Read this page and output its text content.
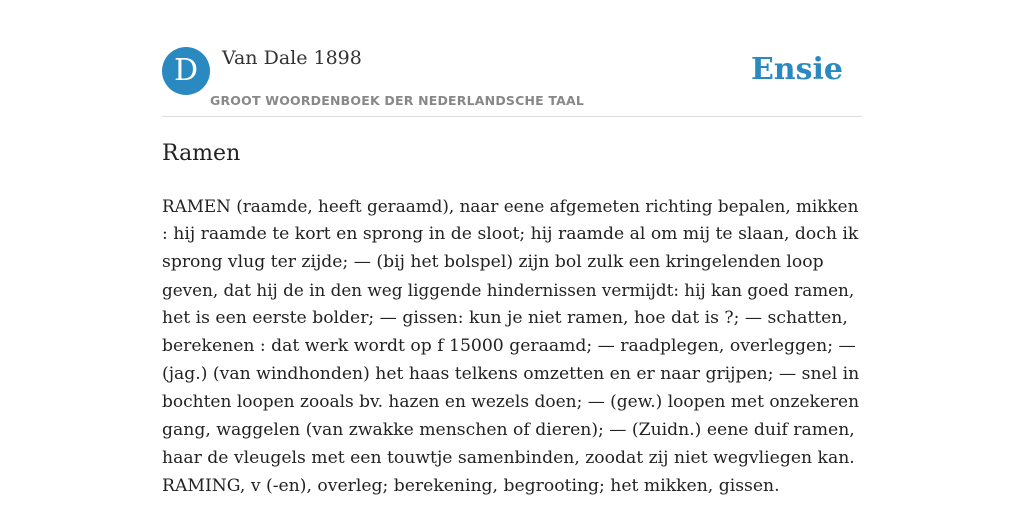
D	Van Dale 1898
GROOT WOORDENBOEK DER NEDERLANDSCHE TAAL
Ensie
Ramen
RAMEN (raamde, heeft geraamd), naar eene afgemeten richting bepalen, mikken
: hij raamde te kort en sprong in de sloot; hij raamde al om mij te slaan, doch ik
sprong vlug ter zijde; — (bij het bolspel) zijn bol zulk een kringelenden loop
geven, dat hij de in den weg liggende hindernissen vermijdt: hij kan goed ramen,
het is een eerste bolder; — gissen: kun je niet ramen, hoe dat is ?; — schatten,
berekenen : dat werk wordt op f 15000 geraamd; — raadplegen, overleggen; —
(jag.) (van windhonden) het haas telkens omzetten en er naar grijpen; — snel in
bochten loopen zooals bv. hazen en wezels doen; — (gew.) loopen met onzekeren
gang, waggelen (van zwakke menschen of dieren); — (Zuidn.) eene duif ramen,
haar de vleugels met een touwtje samenbinden, zoodat zij niet wegvliegen kan.
RAMING, v (-en), overleg; berekening, begrooting; het mikken, gissen.
